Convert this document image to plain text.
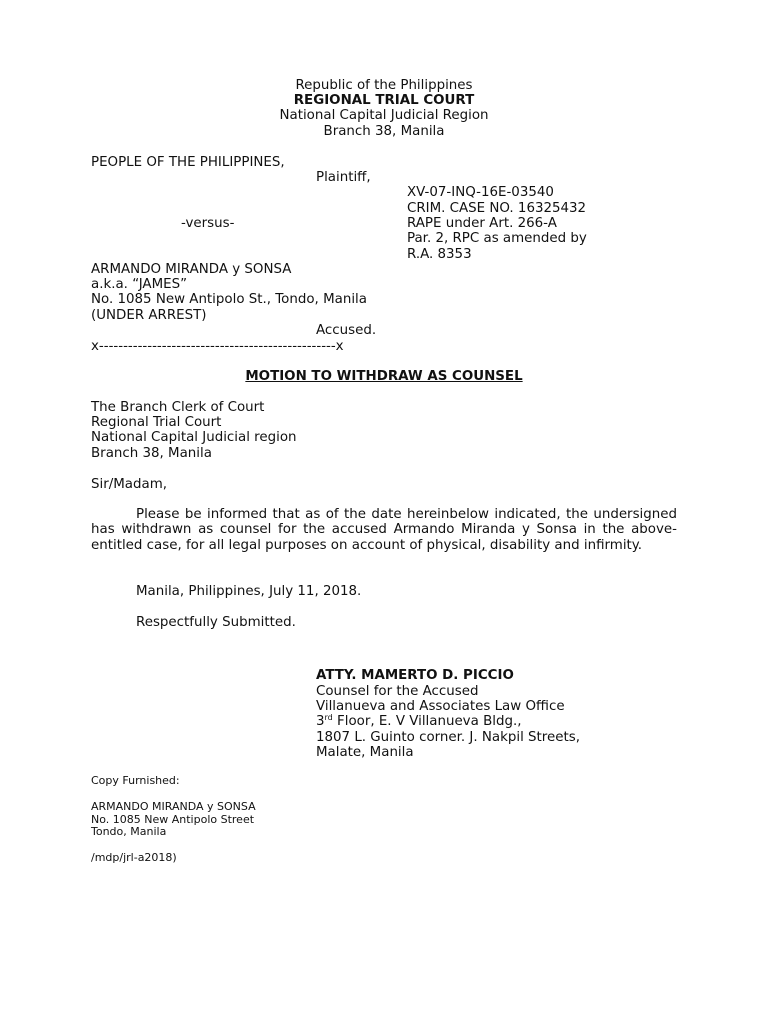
Republic of the Philippines
REGIONAL TRIAL COURT
National Capital Judicial Region
Branch 38, Manila
PEOPLE OF THE PHILIPPINES,
Plaintiff,
XV-07-INQ-16E-03540
CRIM. CASE NO. 16325432
RAPE under Art. 266-A
Par. 2, RPC as amended by
R.A. 8353
-versus-
ARMANDO MIRANDA y SONSA
a.k.a. “JAMES”
No. 1085 New Antipolo St., Tondo, Manila
(UNDER ARREST)
Accused.
x-------------------------------------------------x
MOTION TO WITHDRAW AS COUNSEL
The Branch Clerk of Court
Regional Trial Court
National Capital Judicial region
Branch 38, Manila
Sir/Madam,
Please be informed that as of the date hereinbelow indicated, the undersigned has withdrawn as counsel for the accused Armando Miranda y Sonsa in the above-entitled case, for all legal purposes on account of physical, disability and infirmity.
Manila, Philippines, July 11, 2018.
Respectfully Submitted.
ATTY. MAMERTO D. PICCIO
Counsel for the Accused
Villanueva and Associates Law Office
3rd Floor, E. V Villanueva Bldg.,
1807 L. Guinto corner. J. Nakpil Streets,
Malate, Manila
Copy Furnished:
ARMANDO MIRANDA y SONSA
No. 1085 New Antipolo Street
Tondo, Manila
/mdp/jrl-a2018)
